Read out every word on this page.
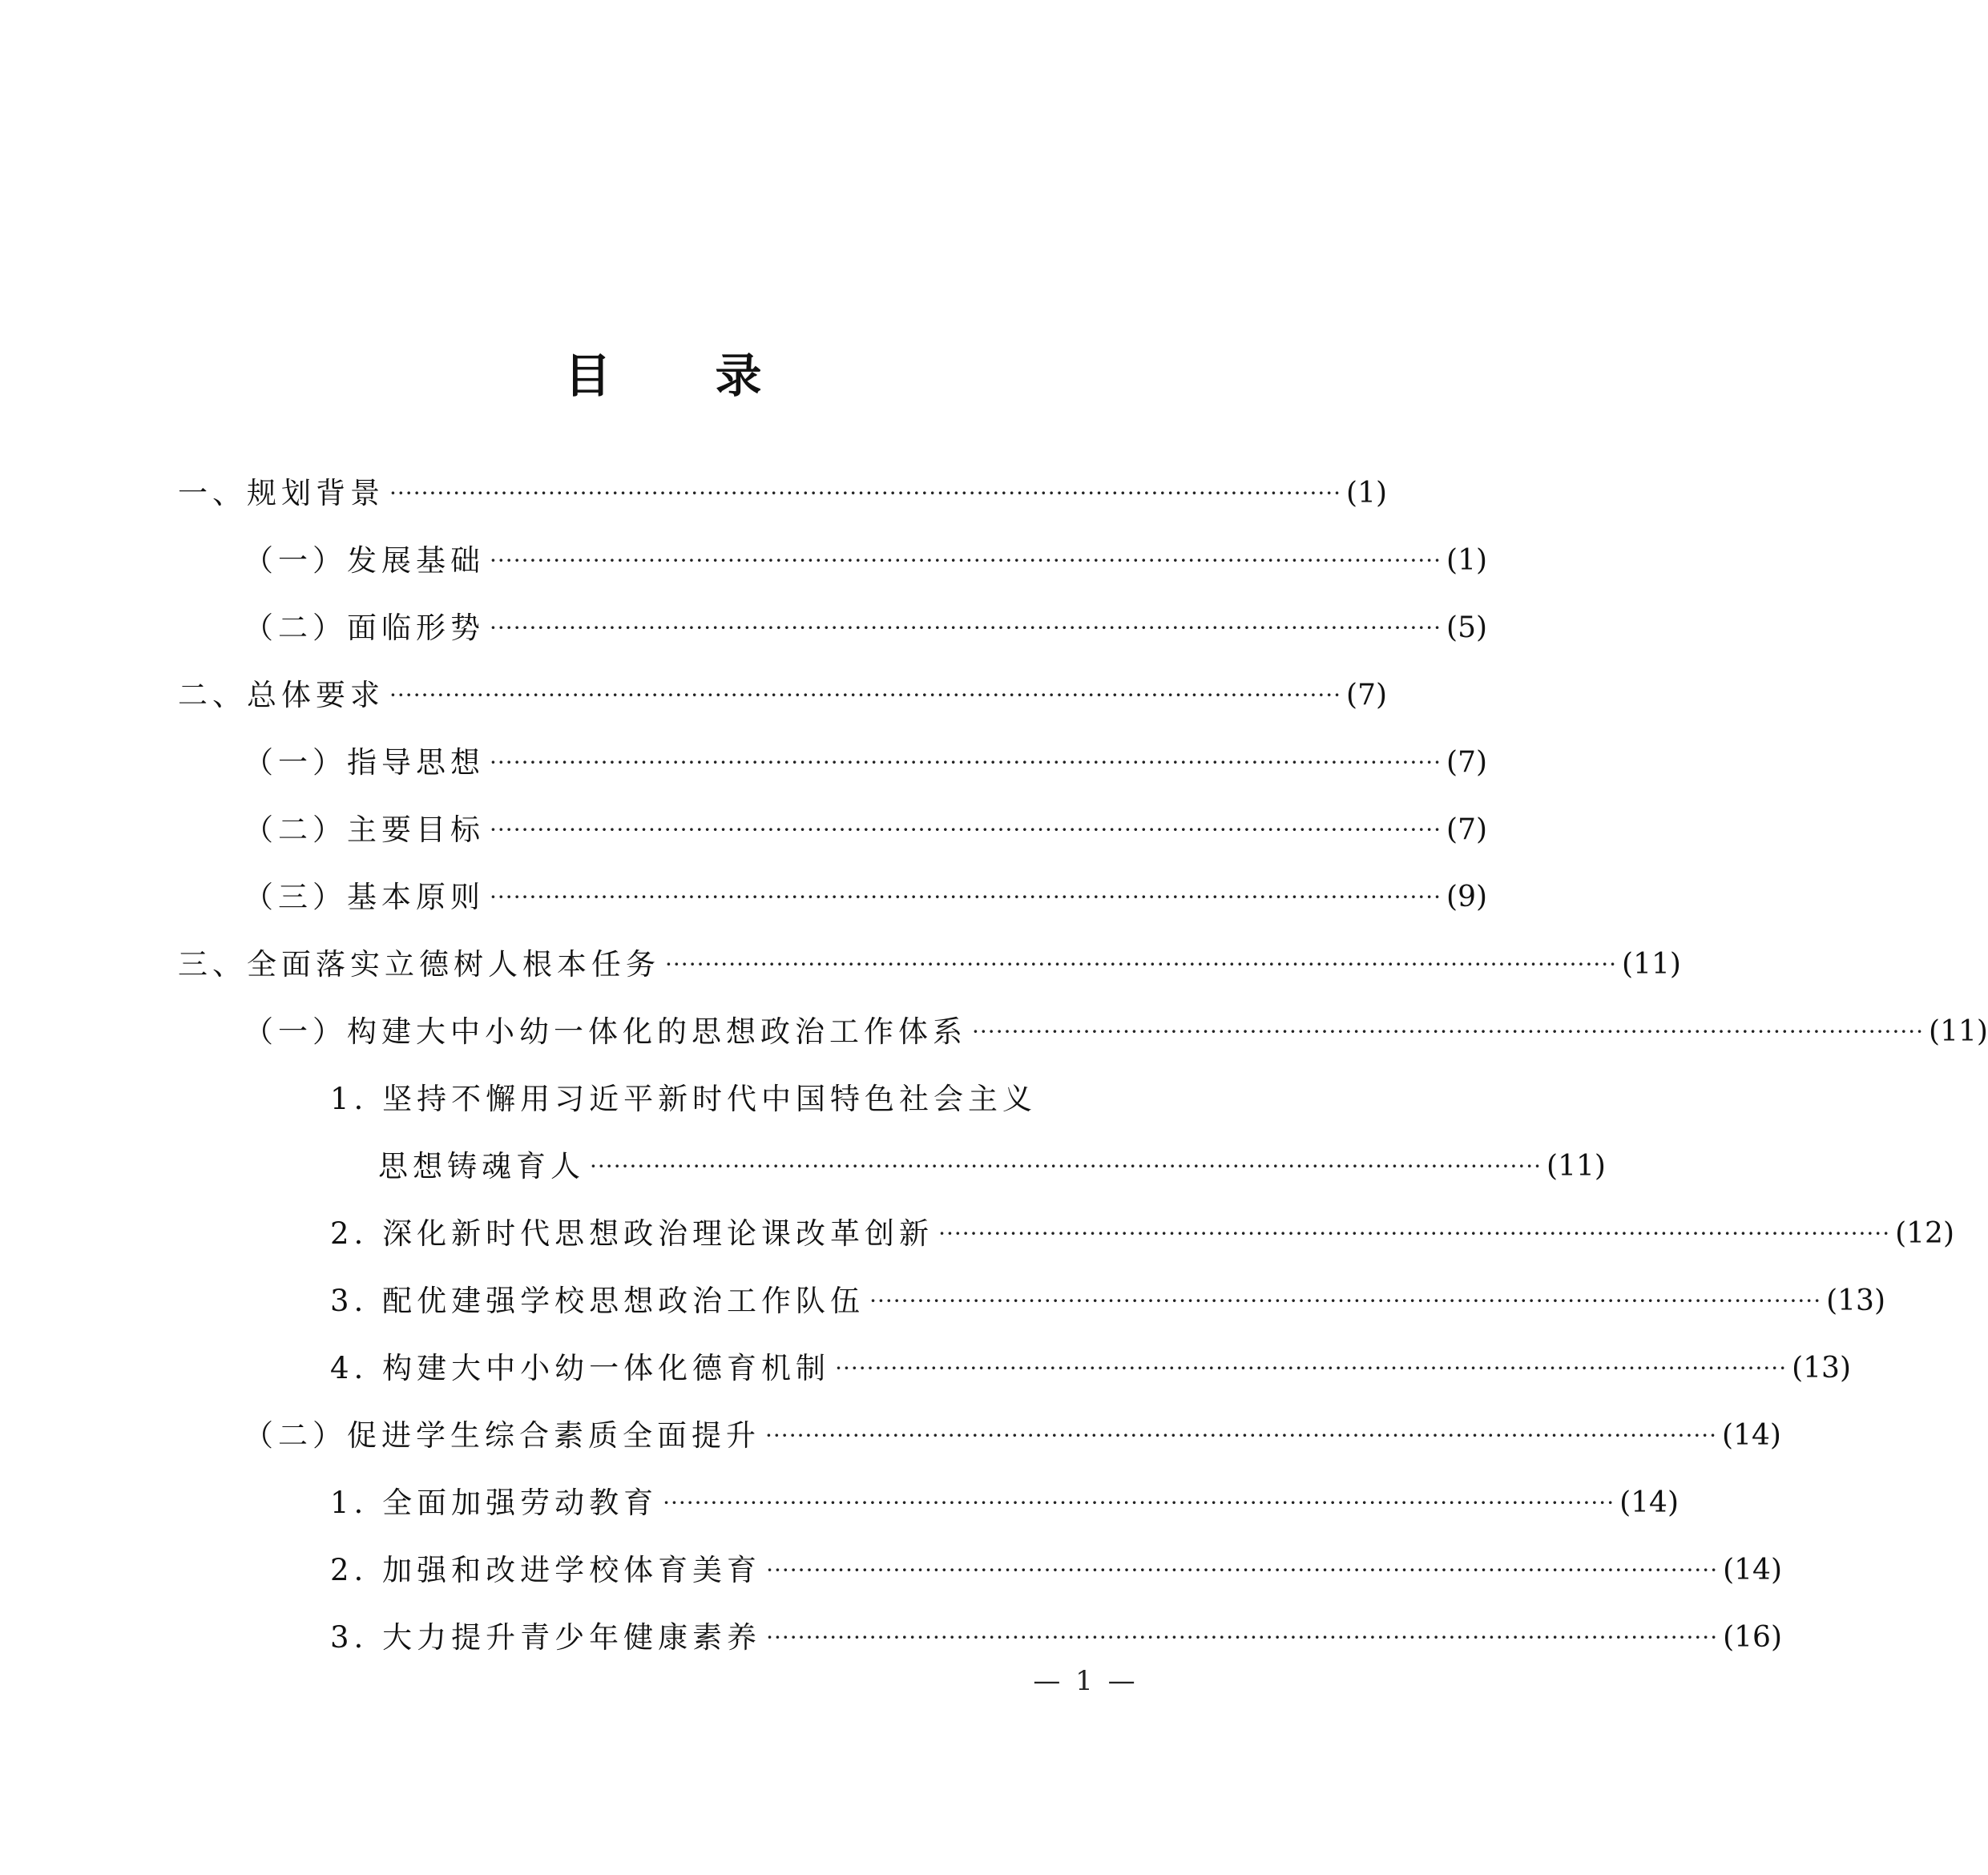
目 录
一、规划背景 ························································································································ (1)
（一）发展基础 ························································································································ (1)
（二）面临形势 ························································································································ (5)
二、总体要求 ························································································································ (7)
（一）指导思想 ························································································································ (7)
（二）主要目标 ························································································································ (7)
（三）基本原则 ························································································································ (9)
三、全面落实立德树人根本任务 ························································································································ (11)
（一）构建大中小幼一体化的思想政治工作体系 ························································································································ (11)
1. 坚持不懈用习近平新时代中国特色社会主义
思想铸魂育人 ························································································································ (11)
2. 深化新时代思想政治理论课改革创新 ························································································································ (12)
3. 配优建强学校思想政治工作队伍 ························································································································ (13)
4. 构建大中小幼一体化德育机制 ························································································································ (13)
（二）促进学生综合素质全面提升 ························································································································ (14)
1. 全面加强劳动教育 ························································································································ (14)
2. 加强和改进学校体育美育 ························································································································ (14)
3. 大力提升青少年健康素养 ························································································································ (16)
— 1 —
